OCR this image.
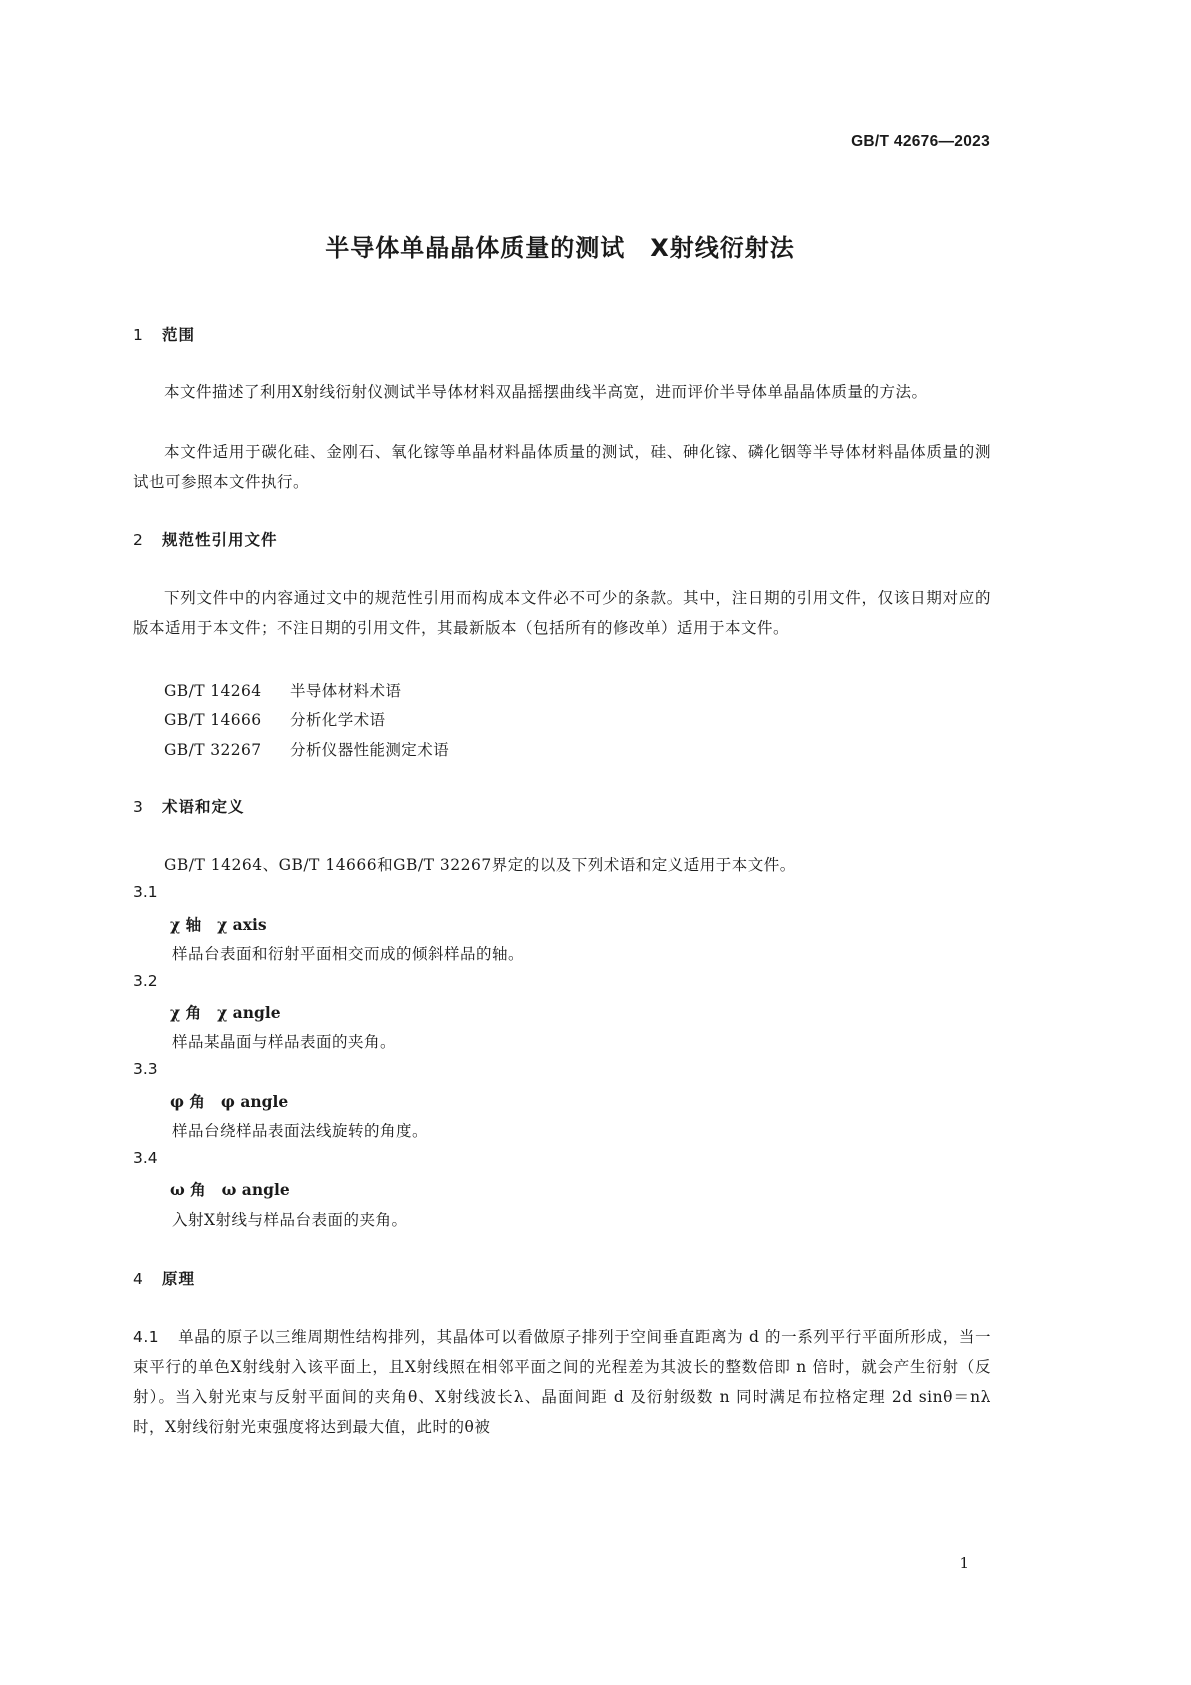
GB/T 42676—2023
半导体单晶晶体质量的测试　X射线衍射法
1 范围
本文件描述了利用X射线衍射仪测试半导体材料双晶摇摆曲线半高宽，进而评价半导体单晶晶体质量的方法。
本文件适用于碳化硅、金刚石、氧化镓等单晶材料晶体质量的测试，硅、砷化镓、磷化铟等半导体材料晶体质量的测试也可参照本文件执行。
2 规范性引用文件
下列文件中的内容通过文中的规范性引用而构成本文件必不可少的条款。其中，注日期的引用文件，仅该日期对应的版本适用于本文件；不注日期的引用文件，其最新版本（包括所有的修改单）适用于本文件。
GB/T 14264 半导体材料术语
GB/T 14666 分析化学术语
GB/T 32267 分析仪器性能测定术语
3 术语和定义
GB/T 14264、GB/T 14666和GB/T 32267界定的以及下列术语和定义适用于本文件。
3.1
χ 轴 χ axis
样品台表面和衍射平面相交而成的倾斜样品的轴。
3.2
χ 角 χ angle
样品某晶面与样品表面的夹角。
3.3
φ 角 φ angle
样品台绕样品表面法线旋转的角度。
3.4
ω 角 ω angle
入射X射线与样品台表面的夹角。
4 原理
4.1 单晶的原子以三维周期性结构排列，其晶体可以看做原子排列于空间垂直距离为 d 的一系列平行平面所形成，当一束平行的单色X射线射入该平面上，且X射线照在相邻平面之间的光程差为其波长的整数倍即 n 倍时，就会产生衍射（反射）。当入射光束与反射平面间的夹角θ、X射线波长λ、晶面间距 d 及衍射级数 n 同时满足布拉格定理 2d sinθ＝nλ 时，X射线衍射光束强度将达到最大值，此时的θ被
1
